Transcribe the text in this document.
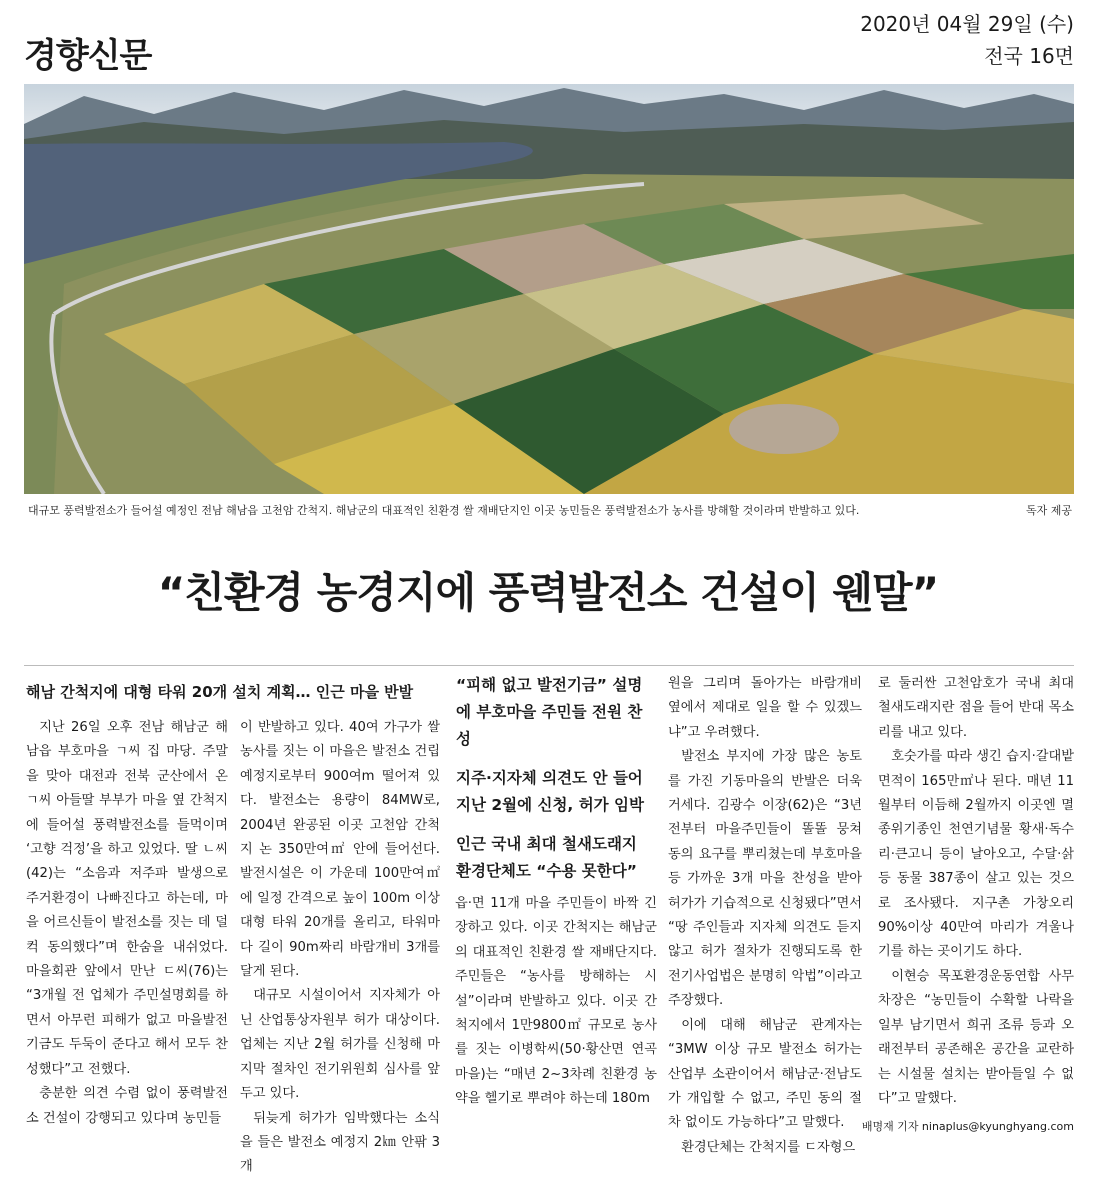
경향신문
2020년 04월 29일 (수)
전국 16면
대규모 풍력발전소가 들어설 예정인 전남 해남읍 고천암 간척지. 해남군의 대표적인 친환경 쌀 재배단지인 이곳 농민들은 풍력발전소가 농사를 방해할 것이라며 반발하고 있다.	독자 제공
“친환경 농경지에 풍력발전소 건설이 웬말”
해남 간척지에 대형 타워 20개 설치 계획… 인근 마을 반발	“피해 없고 발전기금” 설명에 부호마을 주민들 전원 찬성
지주·지자체 의견도 안 들어 지난 2월에 신청, 허가 임박
인근 국내 최대 철새도래지 환경단체도 “수용 못한다”

지난 26일 오후 전남 해남군 해남읍 부호마을 ㄱ씨 집 마당. 주말을 맞아 대전과 전북 군산에서 온 ㄱ씨 아들딸 부부가 마을 옆 간척지에 들어설 풍력발전소를 들먹이며 ‘고향 걱정’을 하고 있었다. 딸 ㄴ씨(42)는 “소음과 저주파 발생으로 주거환경이 나빠진다고 하는데, 마을 어르신들이 발전소를 짓는 데 덜컥 동의했다”며 한숨을 내쉬었다. 마을회관 앞에서 만난 ㄷ씨(76)는 “3개월 전 업체가 주민설명회를 하면서 아무런 피해가 없고 마을발전기금도 두둑이 준다고 해서 모두 찬성했다”고 전했다.

충분한 의견 수렴 없이 풍력발전소 건설이 강행되고 있다며 농민들

이 반발하고 있다. 40여 가구가 쌀농사를 짓는 이 마을은 발전소 건립 예정지로부터 900여m 떨어져 있다. 발전소는 용량이 84MW로, 2004년 완공된 이곳 고천암 간척지 논 350만여㎡ 안에 들어선다. 발전시설은 이 가운데 100만여㎡에 일정 간격으로 높이 100m 이상 대형 타워 20개를 올리고, 타워마다 길이 90m짜리 바람개비 3개를 달게 된다.

대규모 시설이어서 지자체가 아닌 산업통상자원부 허가 대상이다. 업체는 지난 2월 허가를 신청해 마지막 절차인 전기위원회 심사를 앞두고 있다.

뒤늦게 허가가 임박했다는 소식을 들은 발전소 예정지 2㎞ 안팎 3개

읍·면 11개 마을 주민들이 바짝 긴장하고 있다. 이곳 간척지는 해남군의 대표적인 친환경 쌀 재배단지다. 주민들은 “농사를 방해하는 시설”이라며 반발하고 있다. 이곳 간척지에서 1만9800㎡ 규모로 농사를 짓는 이병학씨(50·황산면 연곡마을)는 “매년 2~3차례 친환경 농약을 헬기로 뿌려야 하는데 180m

원을 그리며 돌아가는 바람개비 옆에서 제대로 일을 할 수 있겠느냐”고 우려했다.

발전소 부지에 가장 많은 농토를 가진 기동마을의 반발은 더욱 거세다. 김광수 이장(62)은 “3년 전부터 마을주민들이 똘똘 뭉쳐 동의 요구를 뿌리쳤는데 부호마을 등 가까운 3개 마을 찬성을 받아 허가가 기습적으로 신청됐다”면서 “땅 주인들과 지자체 의견도 듣지 않고 허가 절차가 진행되도록 한 전기사업법은 분명히 악법”이라고 주장했다.

이에 대해 해남군 관계자는 “3MW 이상 규모 발전소 허가는 산업부 소관이어서 해남군·전남도가 개입할 수 없고, 주민 동의 절차 없이도 가능하다”고 말했다.

환경단체는 간척지를 ㄷ자형으

로 둘러싼 고천암호가 국내 최대 철새도래지란 점을 들어 반대 목소리를 내고 있다.

호숫가를 따라 생긴 습지·갈대밭 면적이 165만㎡나 된다. 매년 11월부터 이듬해 2월까지 이곳엔 멸종위기종인 천연기념물 황새·독수리·큰고니 등이 날아오고, 수달·삵 등 동물 387종이 살고 있는 것으로 조사됐다. 지구촌 가창오리 90%이상 40만여 마리가 겨울나기를 하는 곳이기도 하다.

이현승 목포환경운동연합 사무차장은 “농민들이 수확할 나락을 일부 남기면서 희귀 조류 등과 오래전부터 공존해온 공간을 교란하는 시설물 설치는 받아들일 수 없다”고 말했다.

배명재 기자 ninaplus@kyunghyang.com
